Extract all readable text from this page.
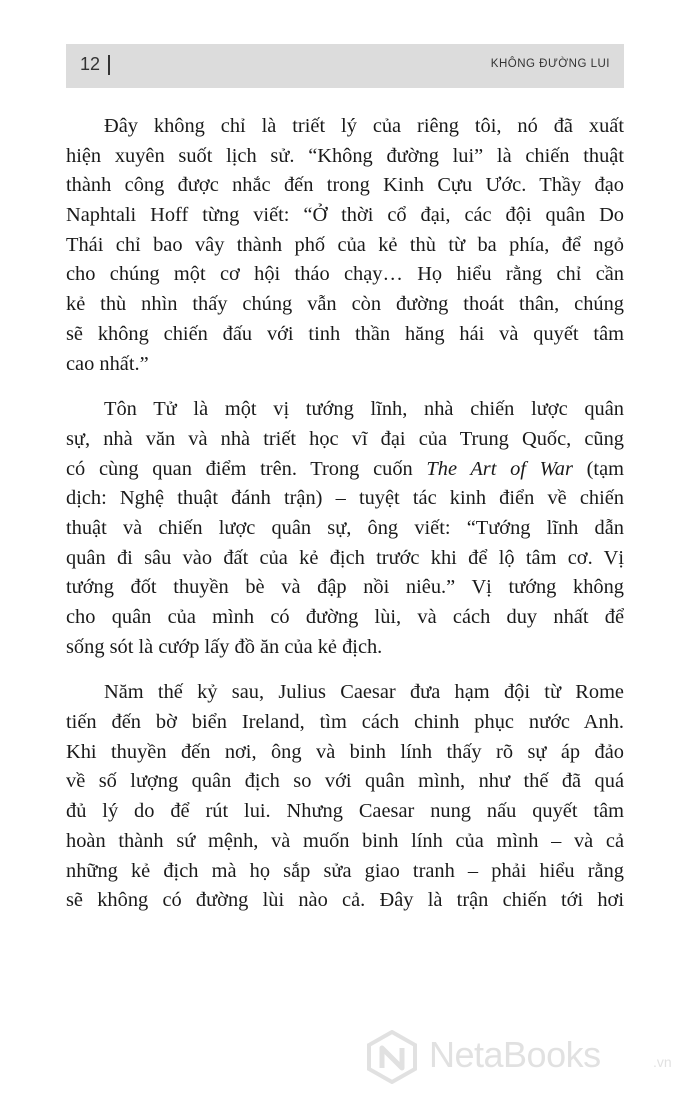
12	KHÔNG ĐƯỜNG LUI
Đây không chỉ là triết lý của riêng tôi, nó đã xuất
hiện xuyên suốt lịch sử. “Không đường lui” là chiến thuật
thành công được nhắc đến trong Kinh Cựu Ước. Thầy đạo
Naphtali Hoff từng viết: “Ở thời cổ đại, các đội quân Do
Thái chỉ bao vây thành phố của kẻ thù từ ba phía, để ngỏ
cho chúng một cơ hội tháo chạy… Họ hiểu rằng chỉ cần
kẻ thù nhìn thấy chúng vẫn còn đường thoát thân, chúng
sẽ không chiến đấu với tinh thần hăng hái và quyết tâm
cao nhất.”
Tôn Tử là một vị tướng lĩnh, nhà chiến lược quân
sự, nhà văn và nhà triết học vĩ đại của Trung Quốc, cũng
có cùng quan điểm trên. Trong cuốn The Art of War (tạm
dịch: Nghệ thuật đánh trận) – tuyệt tác kinh điển về chiến
thuật và chiến lược quân sự, ông viết: “Tướng lĩnh dẫn
quân đi sâu vào đất của kẻ địch trước khi để lộ tâm cơ. Vị
tướng đốt thuyền bè và đập nồi niêu.” Vị tướng không
cho quân của mình có đường lùi, và cách duy nhất để
sống sót là cướp lấy đồ ăn của kẻ địch.
Năm thế kỷ sau, Julius Caesar đưa hạm đội từ Rome
tiến đến bờ biển Ireland, tìm cách chinh phục nước Anh.
Khi thuyền đến nơi, ông và binh lính thấy rõ sự áp đảo
về số lượng quân địch so với quân mình, như thế đã quá
đủ lý do để rút lui. Nhưng Caesar nung nấu quyết tâm
hoàn thành sứ mệnh, và muốn binh lính của mình – và cả
những kẻ địch mà họ sắp sửa giao tranh – phải hiểu rằng
sẽ không có đường lùi nào cả. Đây là trận chiến tới hơi
NetaBooks	.vn
